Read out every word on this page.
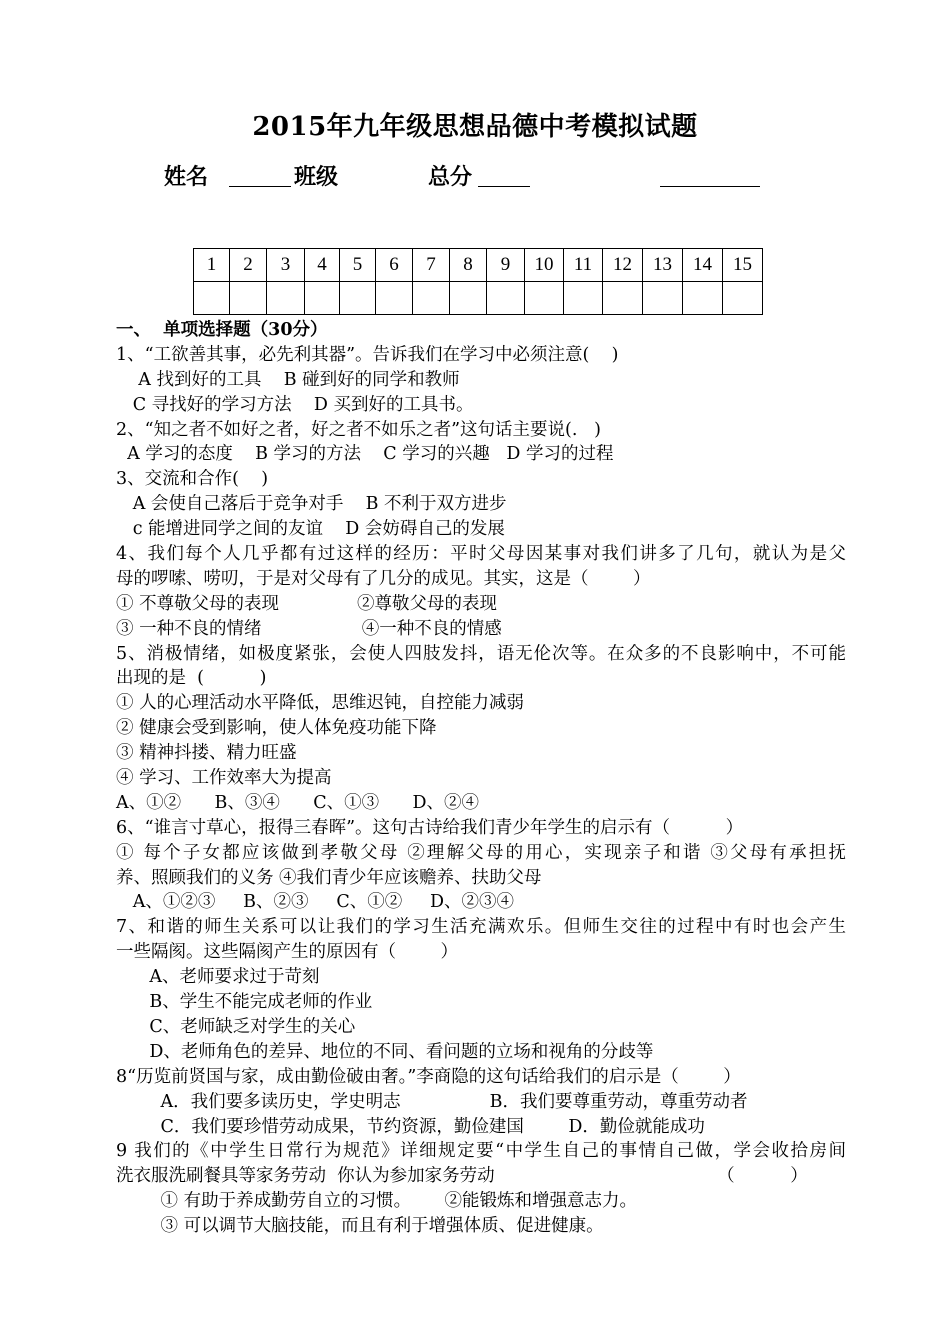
2015年九年级思想品德中考模拟试题
姓名	班级	总分
1	2	3	4	5	6	7	8	9	10	11	12	13	14	15

一、  单项选择题（30分）
1、“工欲善其事，必先利其器”。告诉我们在学习中必须注意(    )
A 找到好的工具    B 碰到好的同学和教师
C 寻找好的学习方法    D 买到好的工具书。
2、“知之者不如好之者，好之者不如乐之者”这句话主要说(.   )
A 学习的态度    B 学习的方法    C 学习的兴趣   D 学习的过程
3、交流和合作(    )
A 会使自己落后于竞争对手    B 不利于双方进步
c 能增进同学之间的友谊    D 会妨碍自己的发展
4、我们每个人几乎都有过这样的经历：平时父母因某事对我们讲多了几句，就认为是父
母的啰嗦、唠叨，于是对父母有了几分的成见。其实，这是（        ）
① 不尊敬父母的表现              ②尊敬父母的表现
③ 一种不良的情绪                  ④一种不良的情感
5、消极情绪，如极度紧张，会使人四肢发抖，语无伦次等。在众多的不良影响中，不可能
出现的是  (          )
① 人的心理活动水平降低，思维迟钝，自控能力减弱
② 健康会受到影响，使人体免疫功能下降
③ 精神抖搂、精力旺盛
④ 学习、工作效率大为提高
A、①②      B、③④      C、①③      D、②④
6、“谁言寸草心，报得三春晖”。这句古诗给我们青少年学生的启示有（          ）
① 每个子女都应该做到孝敬父母 ②理解父母的用心，实现亲子和谐 ③父母有承担抚
养、照顾我们的义务 ④我们青少年应该赡养、扶助父母
A、①②③     B、②③     C、①②     D、②③④
7、和谐的师生关系可以让我们的学习生活充满欢乐。但师生交往的过程中有时也会产生
一些隔阂。这些隔阂产生的原因有（        ）
A、老师要求过于苛刻
B、学生不能完成老师的作业
C、老师缺乏对学生的关心
D、老师角色的差异、地位的不同、看问题的立场和视角的分歧等
8“历览前贤国与家，成由勤俭破由奢。”李商隐的这句话给我们的启示是（        ）
A．我们要多读历史，学史明志                B．我们要尊重劳动，尊重劳动者
C．我们要珍惜劳动成果，节约资源，勤俭建国        D．勤俭就能成功
9 我们的《中学生日常行为规范》详细规定要“中学生自己的事情自己做，学会收拾房间
洗衣服洗刷餐具等家务劳动  你认为参加家务劳动                                        （          ）
① 有助于养成勤劳自立的习惯。      ②能锻炼和增强意志力。
③ 可以调节大脑技能，而且有利于增强体质、促进健康。
